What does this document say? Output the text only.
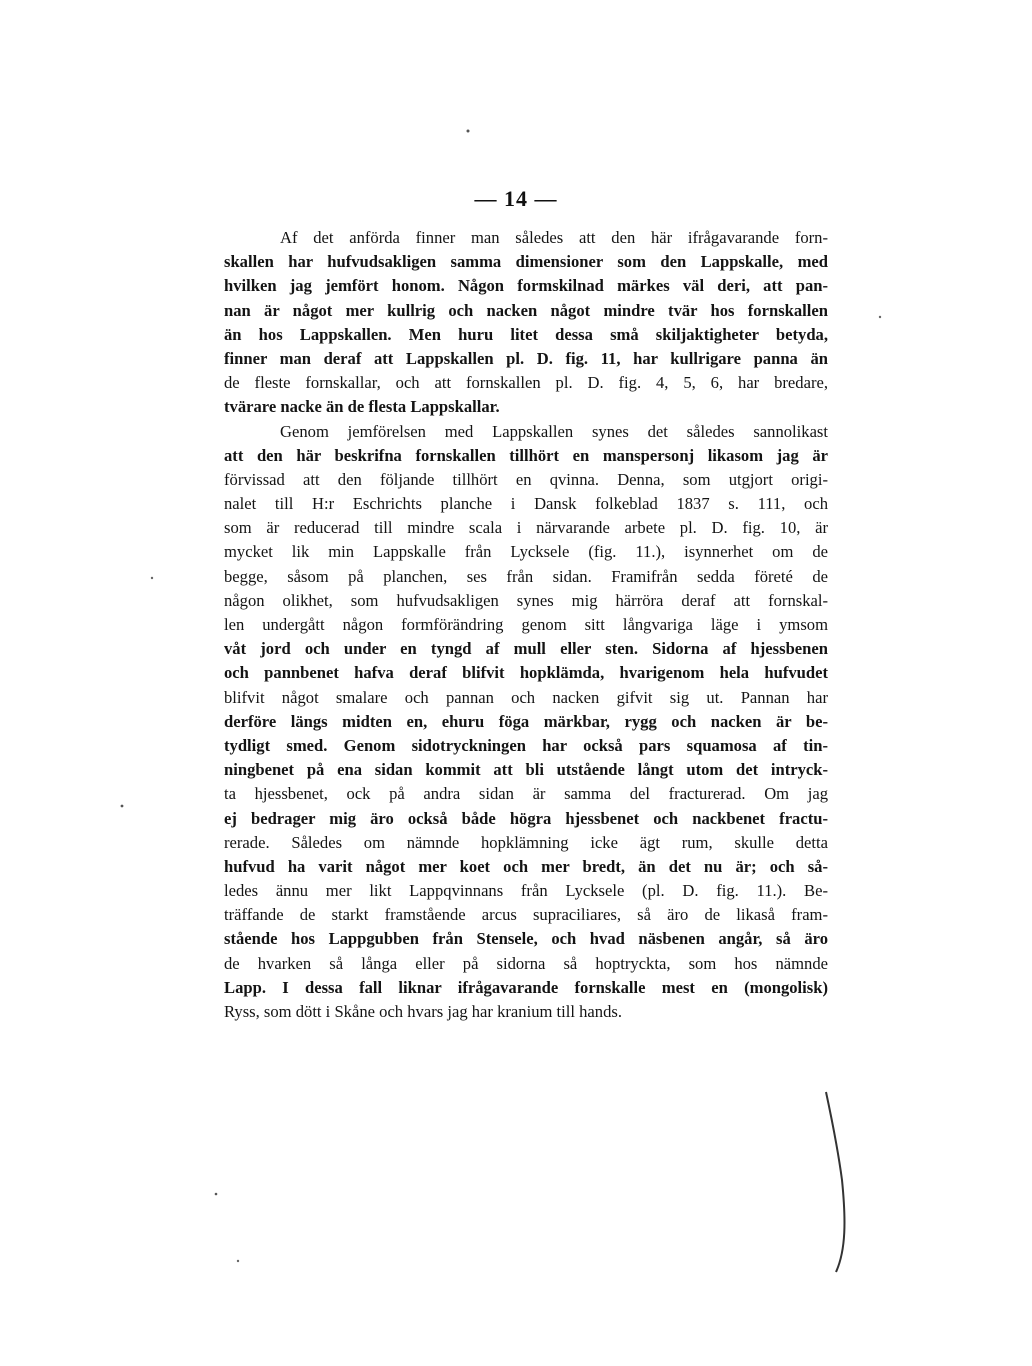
— 14 —
Af det anförda finner man således att den här ifrågavarande forn-
skallen har hufvudsakligen samma dimensioner som den Lappskalle, med
hvilken jag jemfört honom. Någon formskilnad märkes väl deri, att pan-
nan är något mer kullrig och nacken något mindre tvär hos fornskallen
än hos Lappskallen. Men huru litet dessa små skiljaktigheter betyda,
finner man deraf att Lappskallen pl. D. fig. 11, har kullrigare panna än
de fleste fornskallar, och att fornskallen pl. D. fig. 4, 5, 6, har bredare,
tvärare nacke än de flesta Lappskallar.
Genom jemförelsen med Lappskallen synes det således sannolikast
att den här beskrifna fornskallen tillhört en manspersonj likasom jag är
förvissad att den följande tillhört en qvinna. Denna, som utgjort origi-
nalet till H:r Eschrichts planche i Dansk folkeblad 1837 s. 111, och
som är reducerad till mindre scala i närvarande arbete pl. D. fig. 10, är
mycket lik min Lappskalle från Lycksele (fig. 11.), isynnerhet om de
begge, såsom på planchen, ses från sidan. Framifrån sedda företé de
någon olikhet, som hufvudsakligen synes mig härröra deraf att fornskal-
len undergått någon formförändring genom sitt långvariga läge i ymsom
våt jord och under en tyngd af mull eller sten. Sidorna af hjessbenen
och pannbenet hafva deraf blifvit hopklämda, hvarigenom hela hufvudet
blifvit något smalare och pannan och nacken gifvit sig ut. Pannan har
derföre längs midten en, ehuru föga märkbar, rygg och nacken är be-
tydligt smed. Genom sidotryckningen har också pars squamosa af tin-
ningbenet på ena sidan kommit att bli utstående långt utom det intryck-
ta hjessbenet, ock på andra sidan är samma del fracturerad. Om jag
ej bedrager mig äro också både högra hjessbenet och nackbenet fractu-
rerade. Således om nämnde hopklämning icke ägt rum, skulle detta
hufvud ha varit något mer koet och mer bredt, än det nu är; och så-
ledes ännu mer likt Lappqvinnans från Lycksele (pl. D. fig. 11.). Be-
träffande de starkt framstående arcus supraciliares, så äro de likaså fram-
stående hos Lappgubben från Stensele, och hvad näsbenen angår, så äro
de hvarken så långa eller på sidorna så hoptryckta, som hos nämnde
Lapp. I dessa fall liknar ifrågavarande fornskalle mest en (mongolisk)
Ryss, som dött i Skåne och hvars jag har kranium till hands.
